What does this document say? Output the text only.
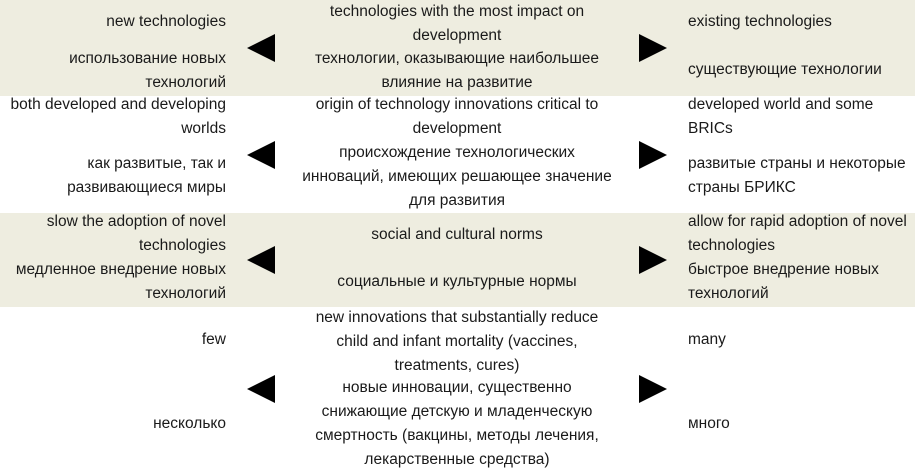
new technologies

использование новых технологий

technologies with the most impact on development

технологии, оказывающие наибольшее влияние на развитие

existing technologies

существующие технологии

both developed and developing worlds

как развитые, так и развивающиеся миры

origin of technology innovations critical to development

происхождение технологических инноваций, имеющих решающее значение для развития

developed world and some BRICs

развитые страны и некоторые страны БРИКС

slow the adoption of novel technologies

медленное внедрение новых технологий

social and cultural norms

социальные и культурные нормы

allow for rapid adoption of novel technologies

быстрое внедрение новых технологий

few

несколько

new innovations that substantially reduce child and infant mortality (vaccines, treatments, cures)

новые инновации, существенно снижающие детскую и младенческую смертность (вакцины, методы лечения, лекарственные средства)

many

много
